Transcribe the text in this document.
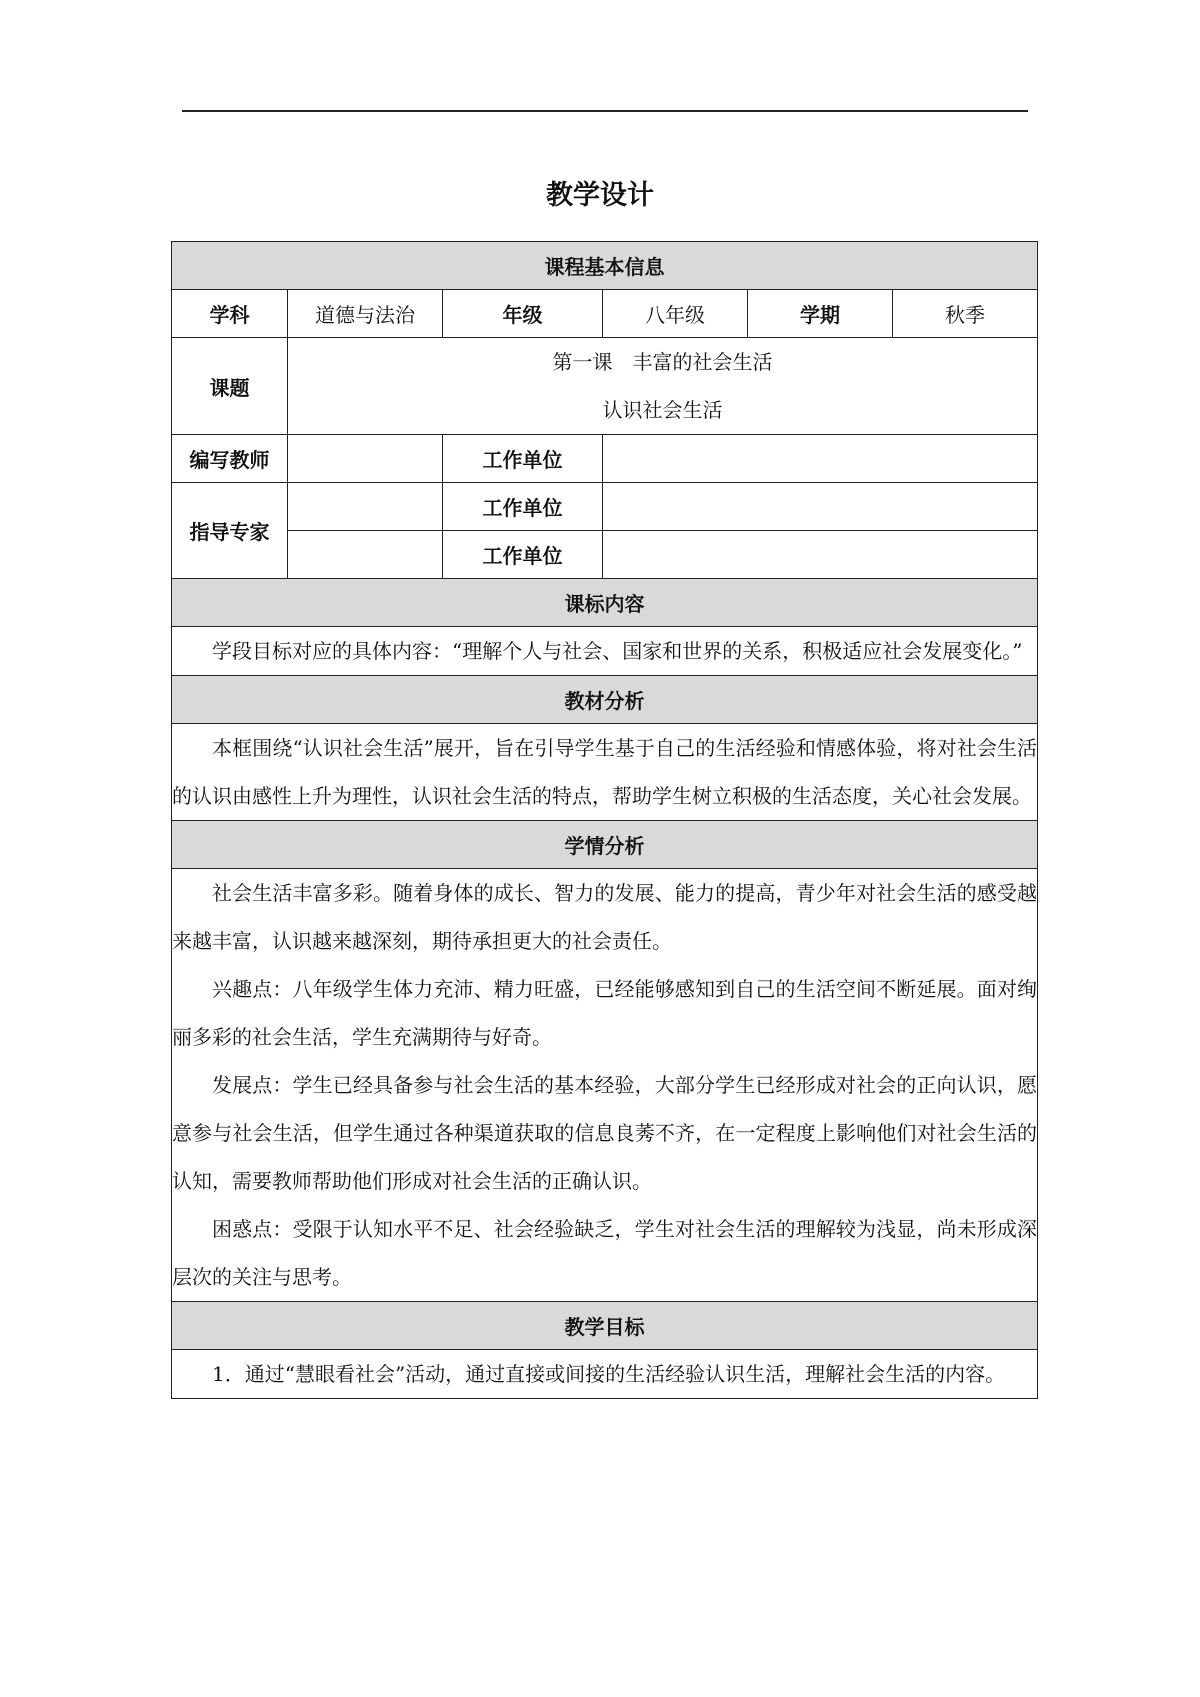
教学设计
课程基本信息					
学科	道德与法治	年级	八年级	学期	秋季
课题	第一课　丰富的社会生活
认识社会生活				

编写教师		工作单位			
指导专家		工作单位			
		工作单位			
课标内容					

学段目标对应的具体内容：“理解个人与社会、国家和世界的关系，积极适应社会发展变化。”					

教材分析					

本框围绕“认识社会生活”展开，旨在引导学生基于自己的生活经验和情感体验，将对社会生活的认识由感性上升为理性，认识社会生活的特点，帮助学生树立积极的生活态度，关心社会发展。					

学情分析					

社会生活丰富多彩。随着身体的成长、智力的发展、能力的提高，青少年对社会生活的感受越来越丰富，认识越来越深刻，期待承担更大的社会责任。

兴趣点：八年级学生体力充沛、精力旺盛，已经能够感知到自己的生活空间不断延展。面对绚丽多彩的社会生活，学生充满期待与好奇。

发展点：学生已经具备参与社会生活的基本经验，大部分学生已经形成对社会的正向认识，愿意参与社会生活，但学生通过各种渠道获取的信息良莠不齐，在一定程度上影响他们对社会生活的认知，需要教师帮助他们形成对社会生活的正确认识。

困惑点：受限于认知水平不足、社会经验缺乏，学生对社会生活的理解较为浅显，尚未形成深层次的关注与思考。					

教学目标					

1．通过“慧眼看社会”活动，通过直接或间接的生活经验认识生活，理解社会生活的内容。					
